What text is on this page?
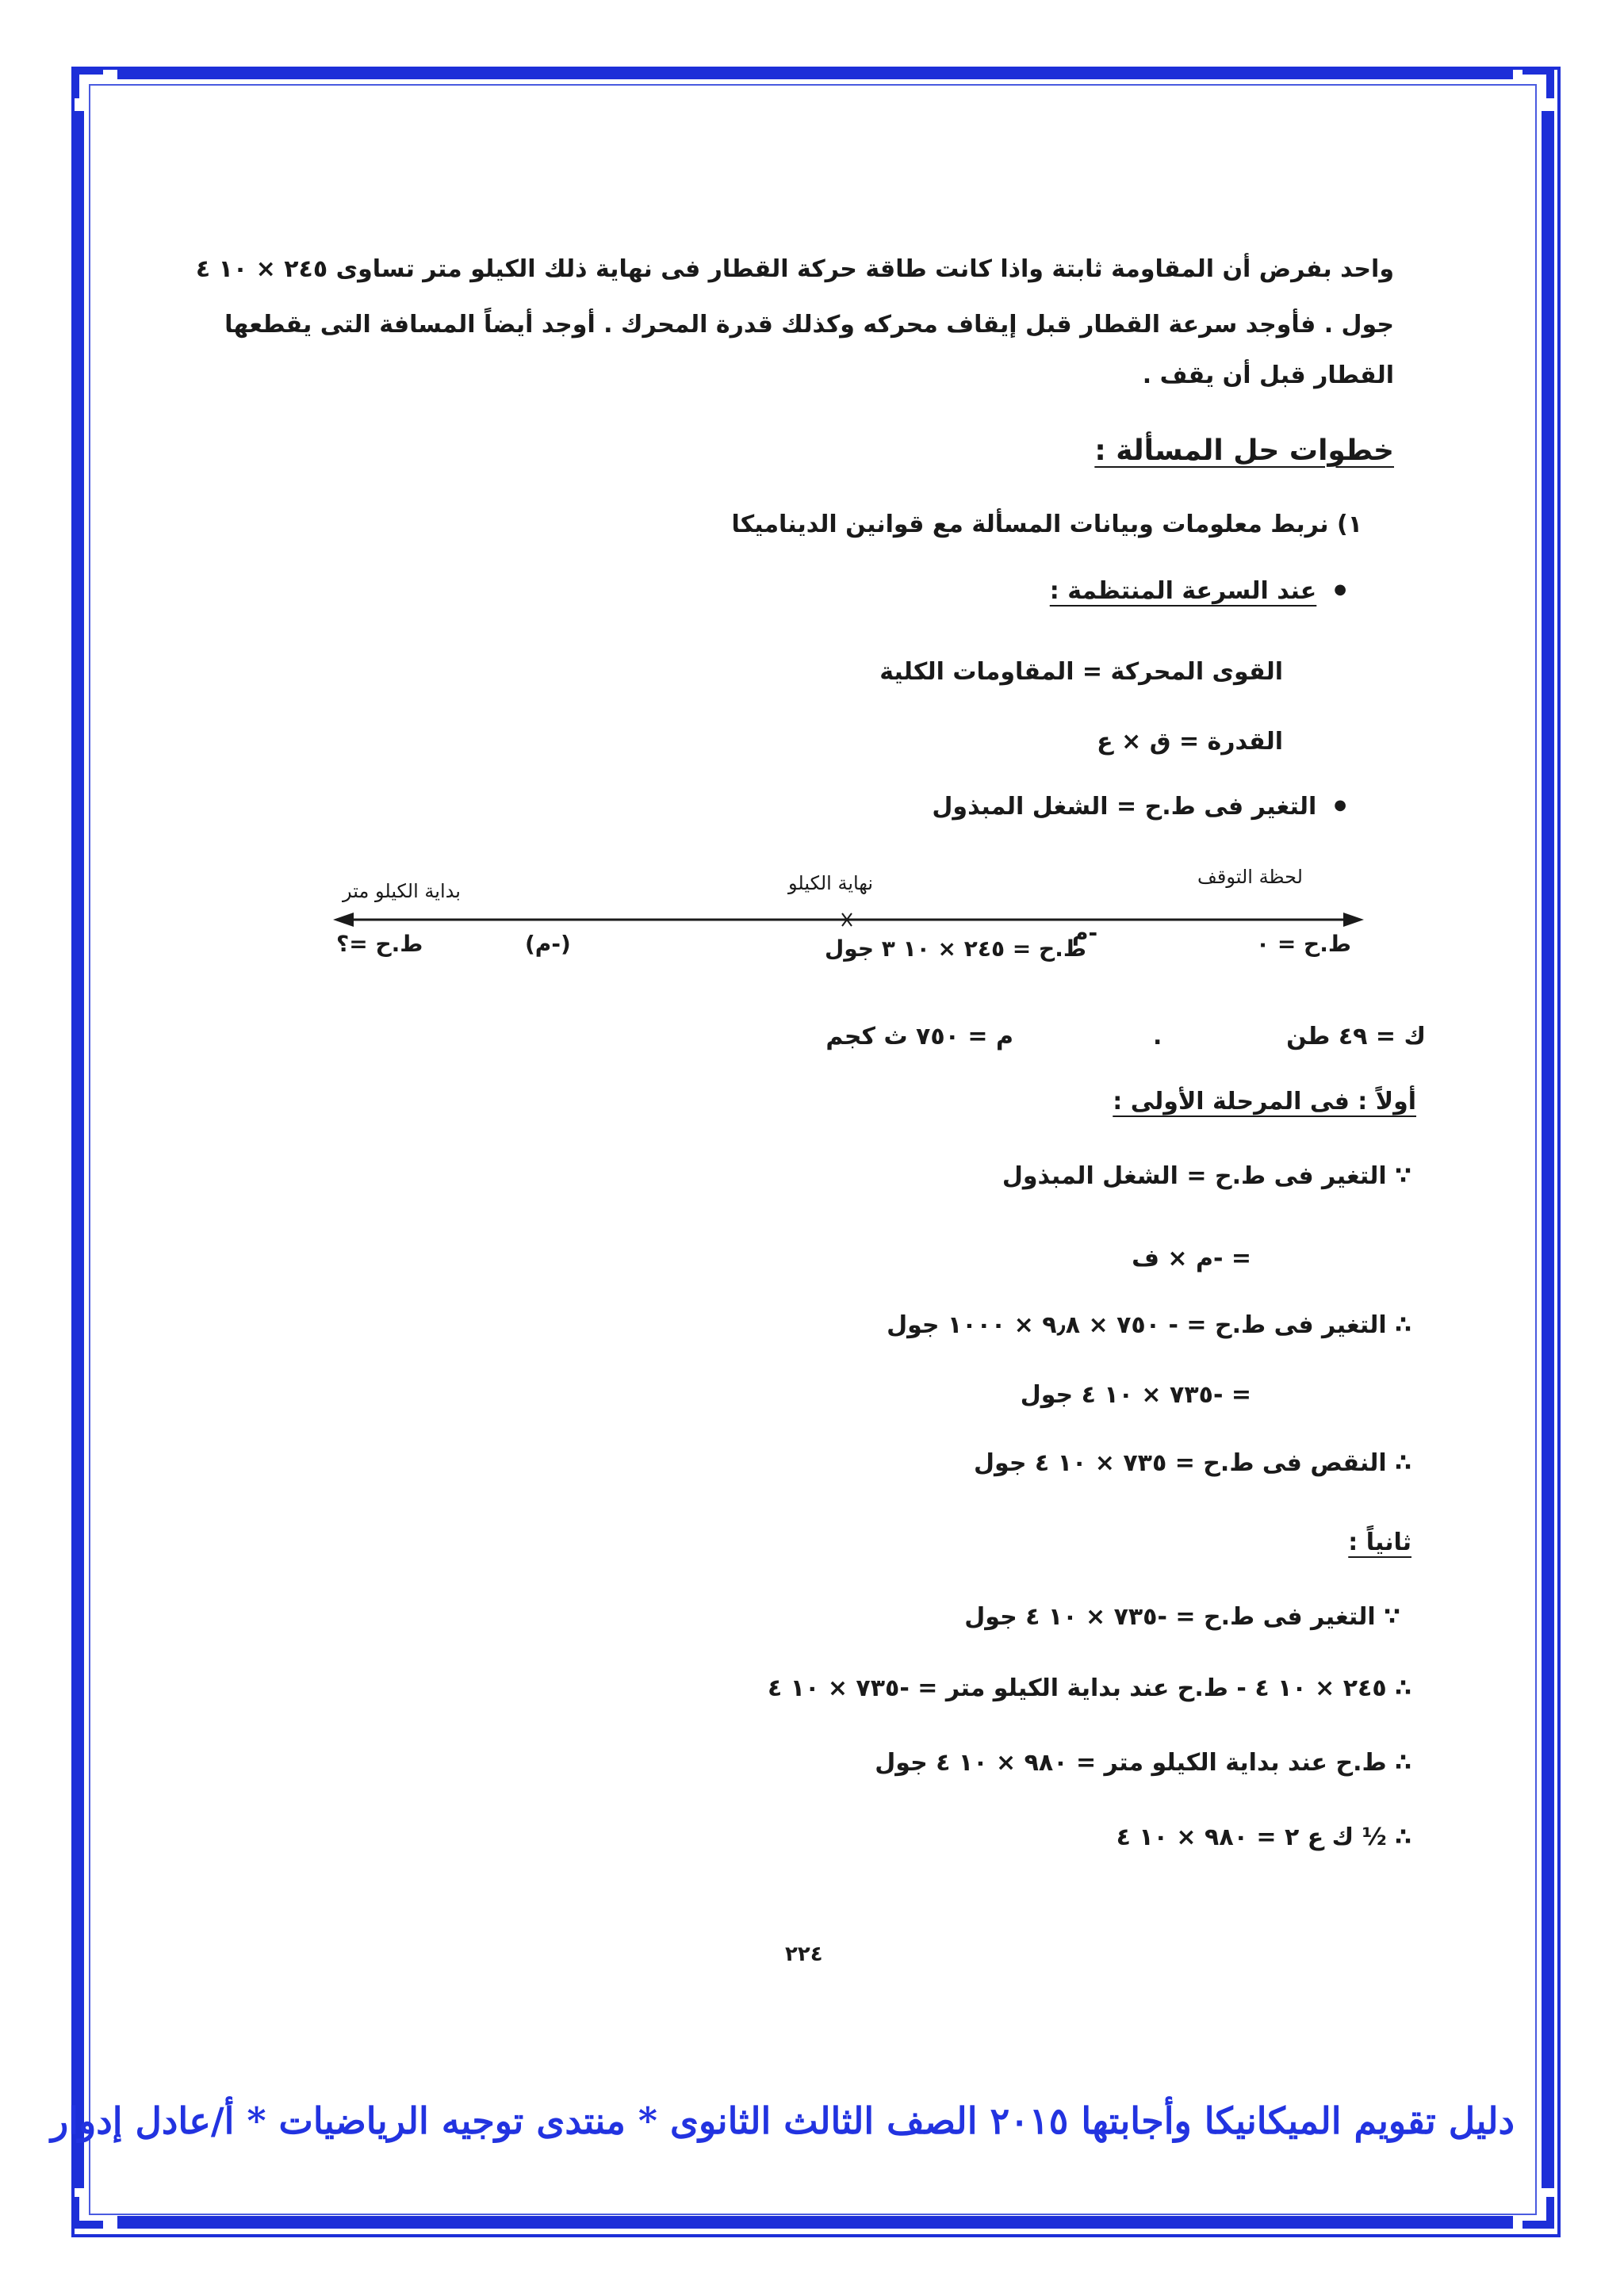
واحد بفرض أن المقاومة ثابتة واذا كانت طاقة حركة القطار فى نهاية ذلك الكيلو متر تساوى ٢٤٥ × ١٠ ٤
جول . فأوجد سرعة القطار قبل إيقاف محركه وكذلك قدرة المحرك . أوجد أيضاً المسافة التى يقطعها
القطار قبل أن يقف .
خطوات حل المسألة :
١) نربط معلومات وبيانات المسألة مع قوانين الديناميكا
● عند السرعة المنتظمة :
القوى المحركة = المقاومات الكلية
القدرة = ق × ع
● التغير فى ط.ح = الشغل المبذول
بداية الكيلو متر	نهاية الكيلو	لحظة التوقف
ط.ح =؟	(-م)	ط.ح = ٢٤٥ × ١٠ ٣ جول
-م	ط.ح = ٠
ك = ٤٩ طن
.
م = ٧٥٠ ث كجم
أولاً : فى المرحلة الأولى :
∵ التغير فى ط.ح = الشغل المبذول
= -م × ف
∴ التغير فى ط.ح = - ٧٥٠ × ٩٫٨ × ١٠٠٠ جول
= -٧٣٥ × ١٠ ٤ جول
∴ النقص فى ط.ح = ٧٣٥ × ١٠ ٤ جول
ثانياً :
∵ التغير فى ط.ح = -٧٣٥ × ١٠ ٤ جول
∴ ٢٤٥ × ١٠ ٤ - ط.ح عند بداية الكيلو متر = -٧٣٥ × ١٠ ٤
∴ ط.ح عند بداية الكيلو متر = ٩٨٠ × ١٠ ٤ جول
∴ ½ ك ع ٢ = ٩٨٠ × ١٠ ٤
٢٢٤
دليل تقويم الميكانيكا وأجابتها ٢٠١٥ الصف الثالث الثانوى * منتدى توجيه الرياضيات * أ/عادل إدوار
